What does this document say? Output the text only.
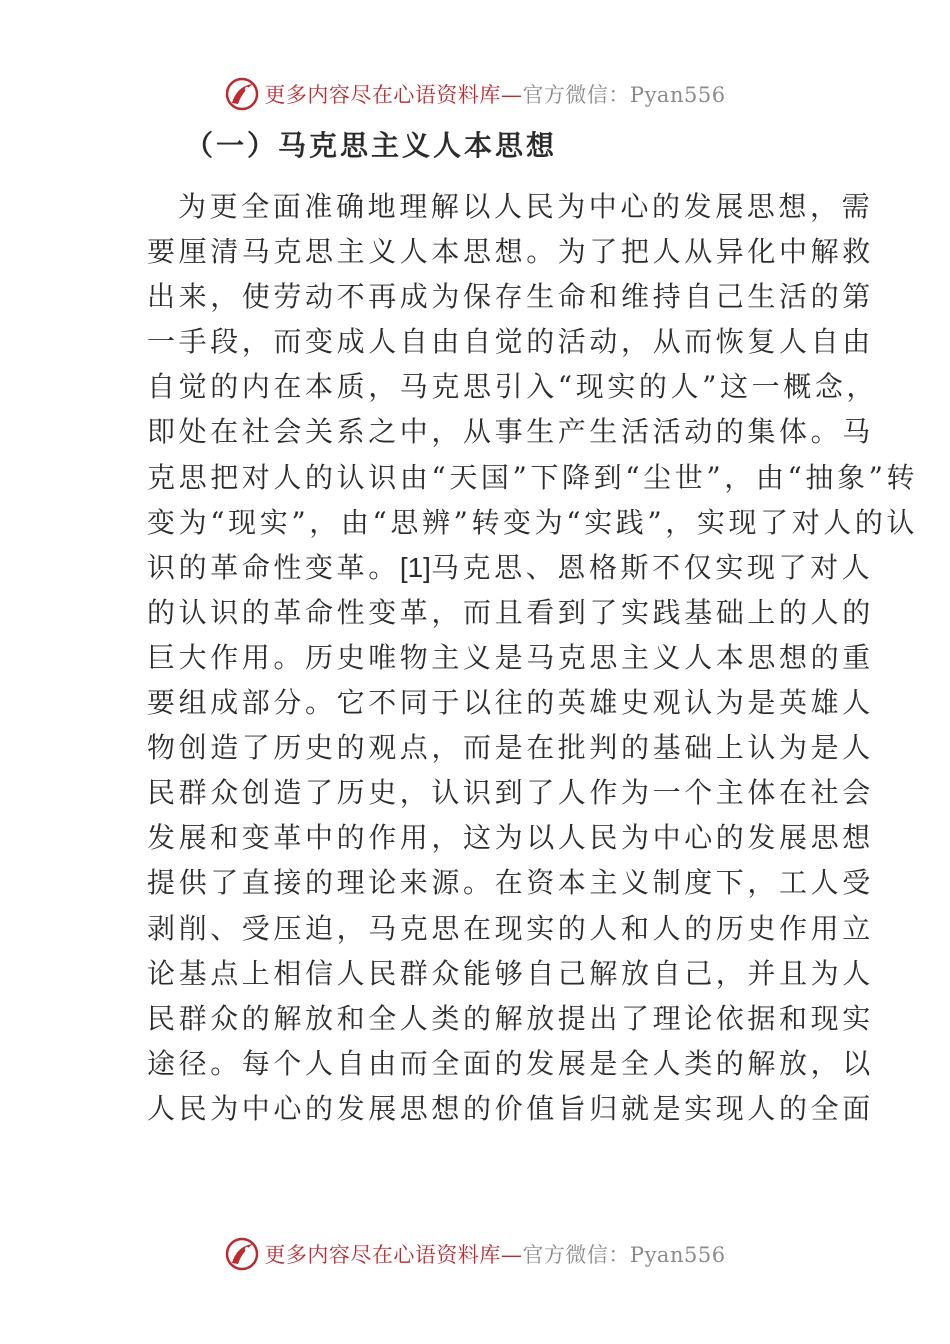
更多内容尽在心语资料库—官方微信：Pyan556
（一）马克思主义人本思想
为更全面准确地理解以人民为中心的发展思想，需
要厘清马克思主义人本思想。为了把人从异化中解救
出来，使劳动不再成为保存生命和维持自己生活的第
一手段，而变成人自由自觉的活动，从而恢复人自由
自觉的内在本质，马克思引入“现实的人”这一概念，
即处在社会关系之中，从事生产生活活动的集体。马
克思把对人的认识由“天国”下降到“尘世”，由“抽象”转
变为“现实”，由“思辨”转变为“实践”，实现了对人的认
识的革命性变革。[1]马克思、恩格斯不仅实现了对人
的认识的革命性变革，而且看到了实践基础上的人的
巨大作用。历史唯物主义是马克思主义人本思想的重
要组成部分。它不同于以往的英雄史观认为是英雄人
物创造了历史的观点，而是在批判的基础上认为是人
民群众创造了历史，认识到了人作为一个主体在社会
发展和变革中的作用，这为以人民为中心的发展思想
提供了直接的理论来源。在资本主义制度下，工人受
剥削、受压迫，马克思在现实的人和人的历史作用立
论基点上相信人民群众能够自己解放自己，并且为人
民群众的解放和全人类的解放提出了理论依据和现实
途径。每个人自由而全面的发展是全人类的解放，以
人民为中心的发展思想的价值旨归就是实现人的全面
更多内容尽在心语资料库—官方微信：Pyan556
